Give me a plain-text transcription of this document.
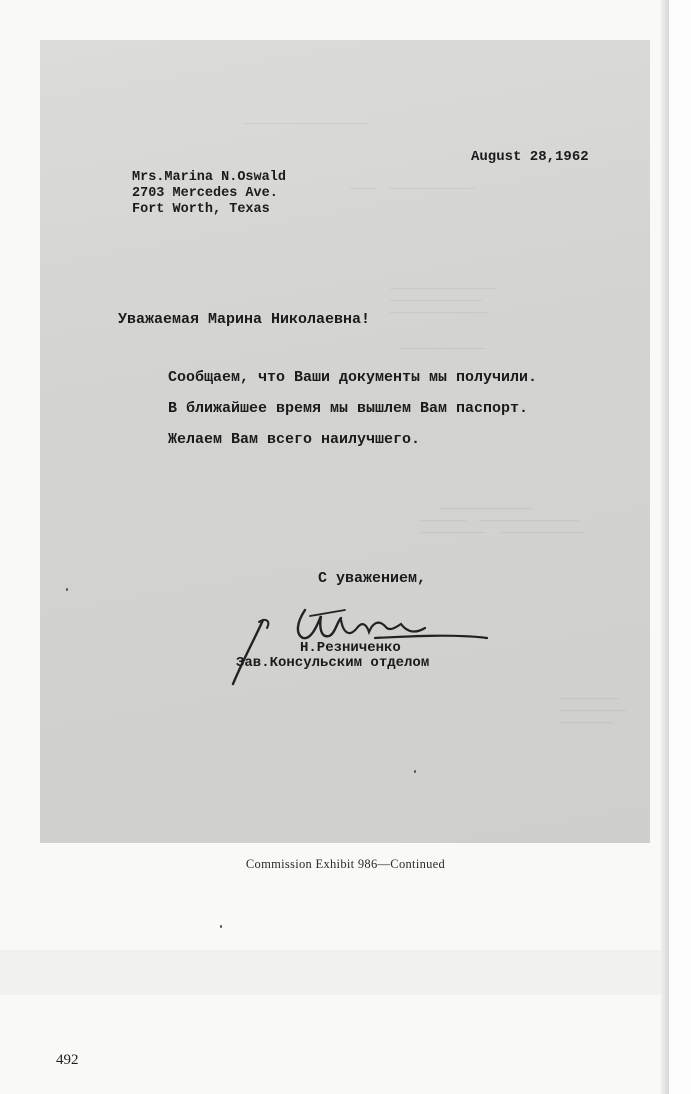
___________________
____  _____________
________________
______________
_______________
_____________
______________
_______  _______________
__________  _____________
_________
__________
________
August 28,1962
Mrs.Marina N.Oswald
2703 Mercedes Ave.
Fort Worth, Texas
Уважаемая Марина Николаевна!
Сообщаем, что Ваши документы мы получили.
В ближайшее время мы вышлем Вам паспорт.
Желаем Вам всего наилучшего.
С уважением,
Н.Резниченко
Зав.Консульским отделом
Commission Exhibit 986—Continued
492
